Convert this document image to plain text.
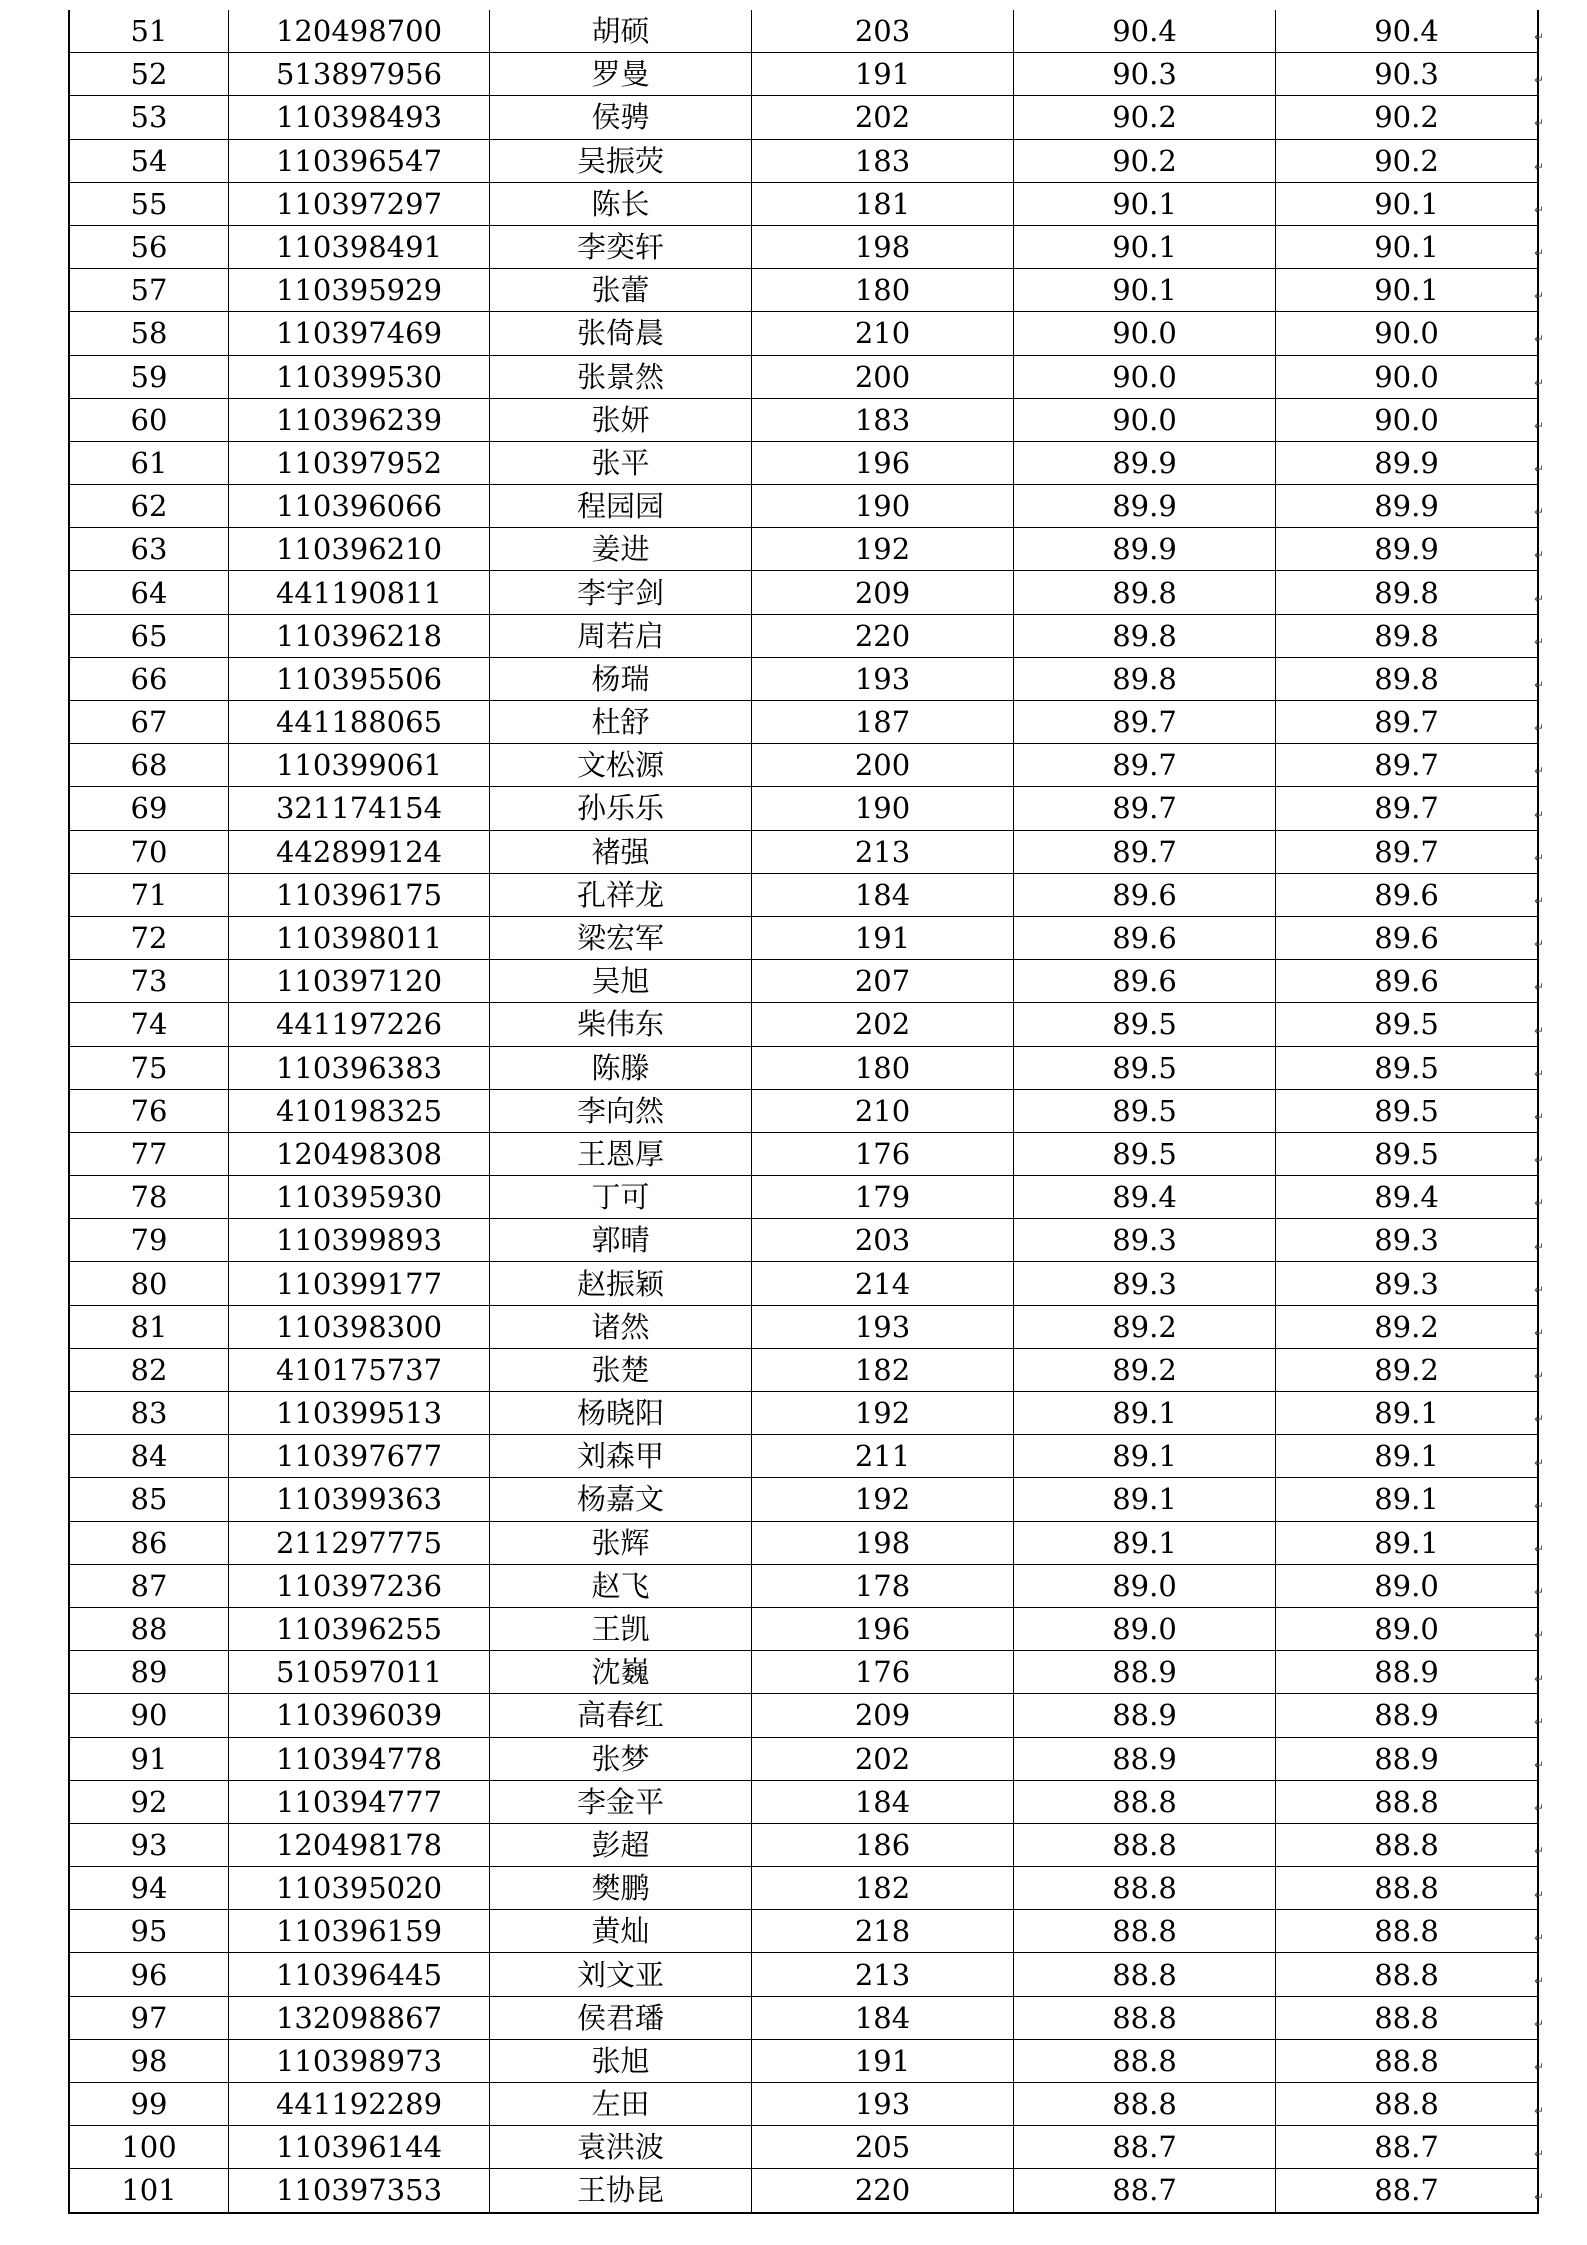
51	120498700	胡硕	203	90.4	90.4
52	513897956	罗曼	191	90.3	90.3
53	110398493	侯骋	202	90.2	90.2
54	110396547	吴振荧	183	90.2	90.2
55	110397297	陈长	181	90.1	90.1
56	110398491	李奕轩	198	90.1	90.1
57	110395929	张蕾	180	90.1	90.1
58	110397469	张倚晨	210	90.0	90.0
59	110399530	张景然	200	90.0	90.0
60	110396239	张妍	183	90.0	90.0
61	110397952	张平	196	89.9	89.9
62	110396066	程园园	190	89.9	89.9
63	110396210	姜进	192	89.9	89.9
64	441190811	李宇剑	209	89.8	89.8
65	110396218	周若启	220	89.8	89.8
66	110395506	杨瑞	193	89.8	89.8
67	441188065	杜舒	187	89.7	89.7
68	110399061	文松源	200	89.7	89.7
69	321174154	孙乐乐	190	89.7	89.7
70	442899124	褚强	213	89.7	89.7
71	110396175	孔祥龙	184	89.6	89.6
72	110398011	梁宏军	191	89.6	89.6
73	110397120	吴旭	207	89.6	89.6
74	441197226	柴伟东	202	89.5	89.5
75	110396383	陈滕	180	89.5	89.5
76	410198325	李向然	210	89.5	89.5
77	120498308	王恩厚	176	89.5	89.5
78	110395930	丁可	179	89.4	89.4
79	110399893	郭晴	203	89.3	89.3
80	110399177	赵振颖	214	89.3	89.3
81	110398300	诸然	193	89.2	89.2
82	410175737	张楚	182	89.2	89.2
83	110399513	杨晓阳	192	89.1	89.1
84	110397677	刘森甲	211	89.1	89.1
85	110399363	杨嘉文	192	89.1	89.1
86	211297775	张辉	198	89.1	89.1
87	110397236	赵飞	178	89.0	89.0
88	110396255	王凯	196	89.0	89.0
89	510597011	沈巍	176	88.9	88.9
90	110396039	高春红	209	88.9	88.9
91	110394778	张梦	202	88.9	88.9
92	110394777	李金平	184	88.8	88.8
93	120498178	彭超	186	88.8	88.8
94	110395020	樊鹏	182	88.8	88.8
95	110396159	黄灿	218	88.8	88.8
96	110396445	刘文亚	213	88.8	88.8
97	132098867	侯君璠	184	88.8	88.8
98	110398973	张旭	191	88.8	88.8
99	441192289	左田	193	88.8	88.8
100	110396144	袁洪波	205	88.7	88.7
101	110397353	王协昆	220	88.7	88.7
↵
↵
↵
↵
↵
↵
↵
↵
↵
↵
↵
↵
↵
↵
↵
↵
↵
↵
↵
↵
↵
↵
↵
↵
↵
↵
↵
↵
↵
↵
↵
↵
↵
↵
↵
↵
↵
↵
↵
↵
↵
↵
↵
↵
↵
↵
↵
↵
↵
↵
↵
